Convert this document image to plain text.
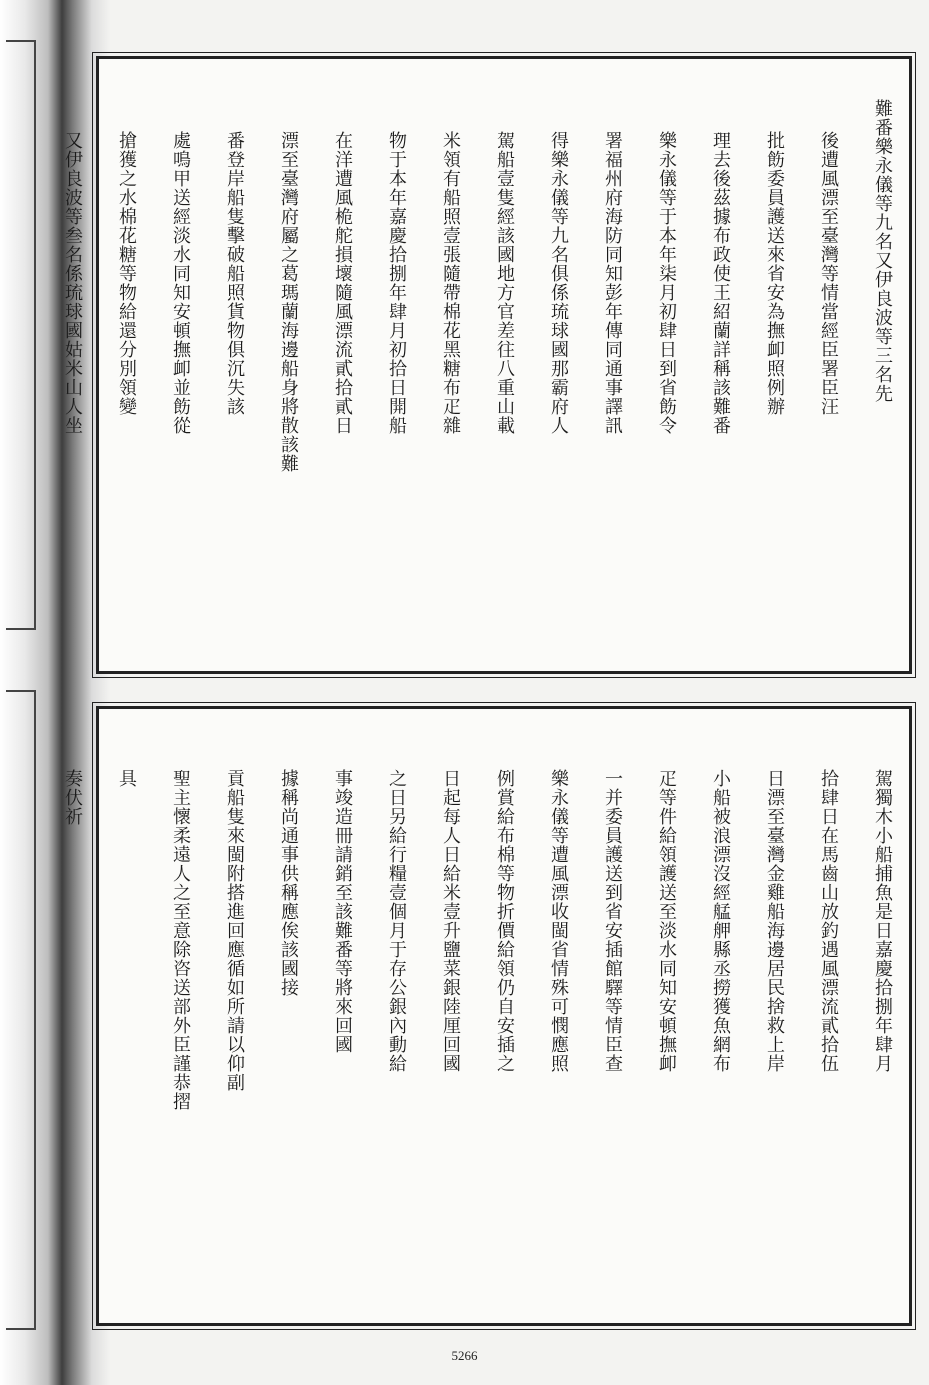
難番樂永儀等九名又伊良波等三名先
後遭風漂至臺灣等情當經臣署臣汪
批飭委員護送來省安為撫卹照例辦
理去後茲據布政使王紹蘭詳稱該難番
樂永儀等于本年柒月初肆日到省飭令
署福州府海防同知彭年傳同通事譯訊
得樂永儀等九名俱係琉球國那霸府人
駕船壹隻經該國地方官差往八重山載
米領有船照壹張隨帶棉花黑糖布疋雜
物于本年嘉慶拾捌年肆月初拾日開船
在洋遭風桅舵損壞隨風漂流貳拾貳日
漂至臺灣府屬之葛瑪蘭海邊船身將散該難
番登岸船隻擊破船照貨物俱沉失該
處鳴甲送經淡水同知安頓撫卹並飭從
搶獲之水棉花糖等物給還分別領變
又伊良波等叁名係琉球國姑米山人坐
駕獨木小船捕魚是日嘉慶拾捌年肆月
拾肆日在馬齒山放釣遇風漂流貳拾伍
日漂至臺灣金雞船海邊居民捨救上岸
小船被浪漂沒經艋舺縣丞撈獲魚網布
疋等件給領護送至淡水同知安頓撫卹
一并委員護送到省安插館驛等情臣查
樂永儀等遭風漂收閩省情殊可憫應照
例賞給布棉等物折價給領仍自安插之
日起每人日給米壹升鹽菜銀陸厘回國
之日另給行糧壹個月于存公銀內動給
事竣造冊請銷至該難番等將來回國
據稱尚通事供稱應俟該國接
貢船隻來閩附搭進回應循如所請以仰副
聖主懷柔遠人之至意除咨送部外臣謹恭摺
具
奏伏祈
5266
